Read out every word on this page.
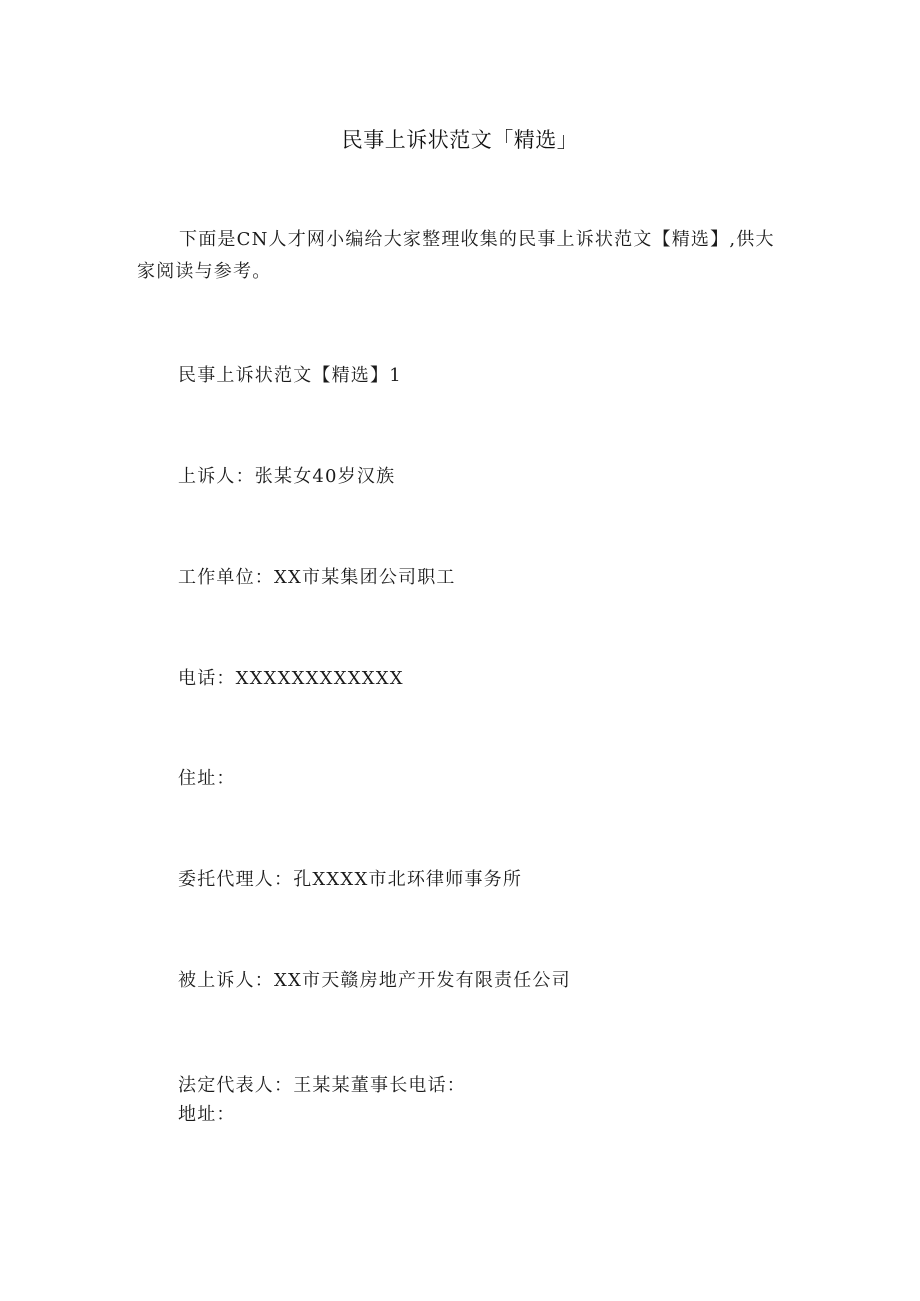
民事上诉状范文「精选」

下面是CN人才网小编给大家整理收集的民事上诉状范文【精选】,供大家阅读与参考。

民事上诉状范文【精选】1

上诉人：张某女40岁汉族

工作单位：XX市某集团公司职工

电话：XXXXXXXXXXXX

住址：

委托代理人：孔XXXX市北环律师事务所

被上诉人：XX市天赣房地产开发有限责任公司

法定代表人：王某某董事长电话：

地址：
